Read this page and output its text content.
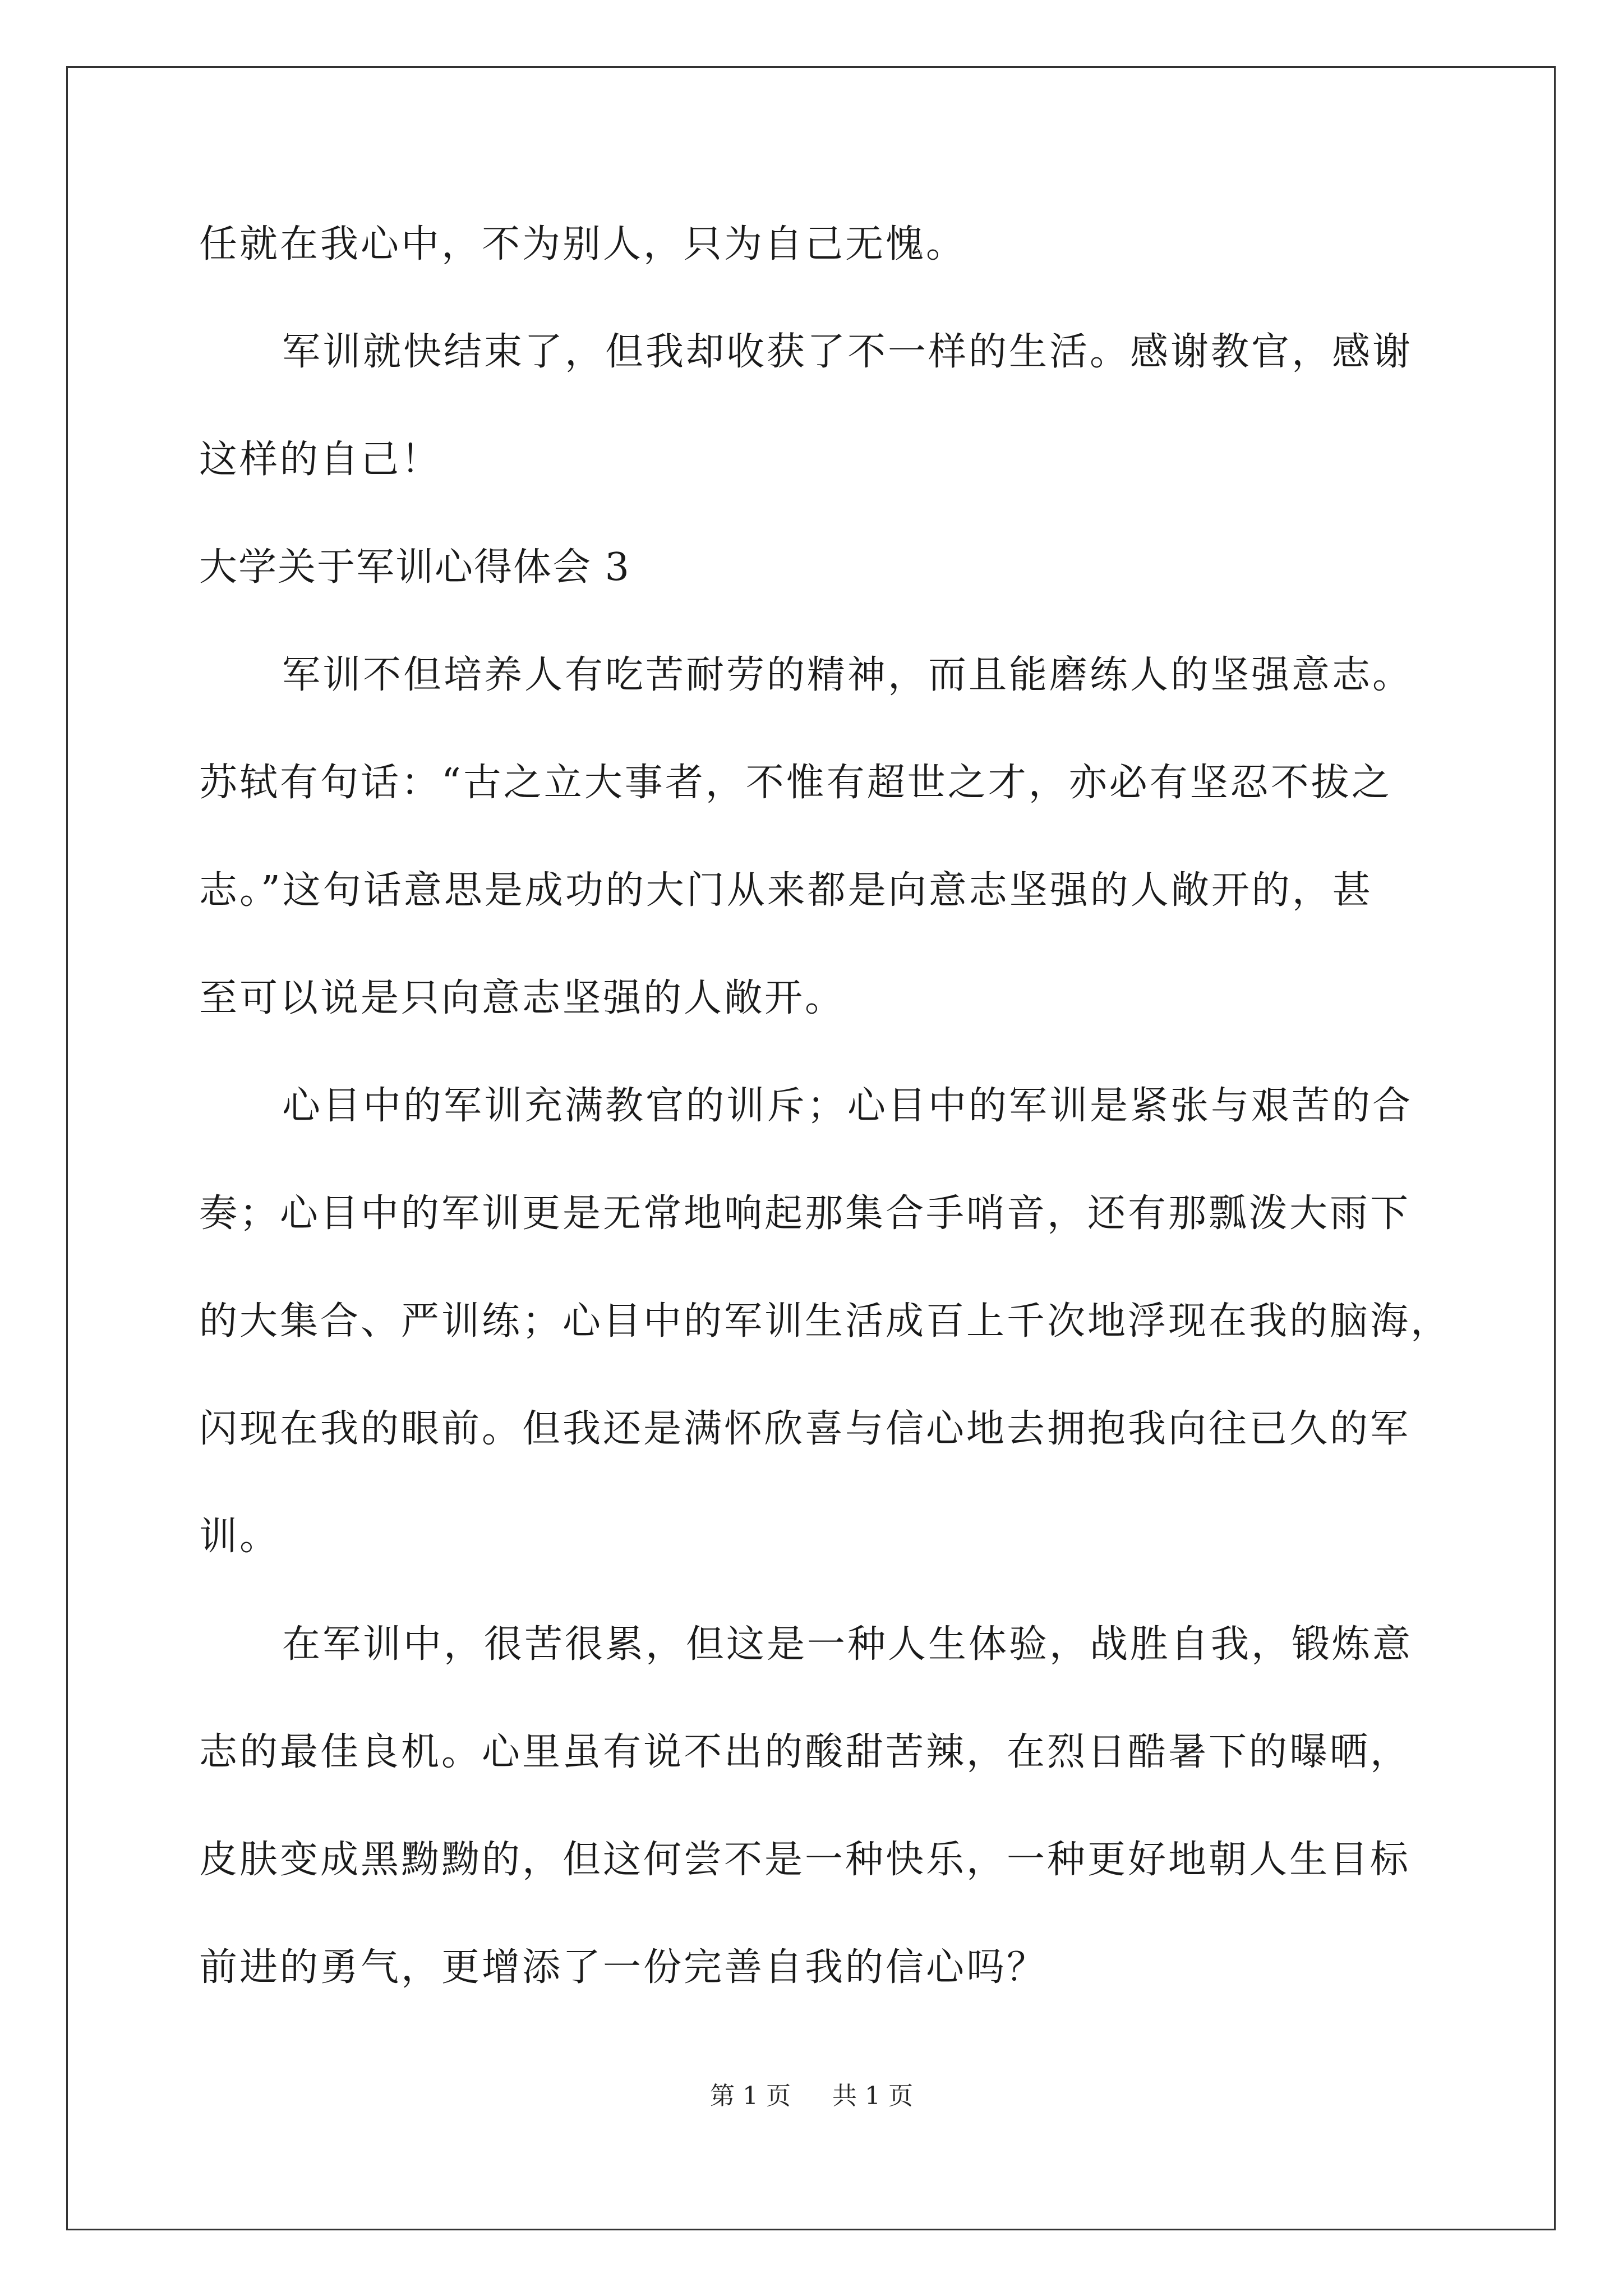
任就在我心中，不为别人，只为自己无愧。
军训就快结束了，但我却收获了不一样的生活。感谢教官，感谢
这样的自己！
大学关于军训心得体会 3
军训不但培养人有吃苦耐劳的精神，而且能磨练人的坚强意志。
苏轼有句话：“古之立大事者，不惟有超世之才，亦必有坚忍不拔之
志。”这句话意思是成功的大门从来都是向意志坚强的人敞开的，甚
至可以说是只向意志坚强的人敞开。
心目中的军训充满教官的训斥；心目中的军训是紧张与艰苦的合
奏；心目中的军训更是无常地响起那集合手哨音，还有那瓢泼大雨下
的大集合、严训练；心目中的军训生活成百上千次地浮现在我的脑海，
闪现在我的眼前。但我还是满怀欣喜与信心地去拥抱我向往已久的军
训。
在军训中，很苦很累，但这是一种人生体验，战胜自我，锻炼意
志的最佳良机。心里虽有说不出的酸甜苦辣，在烈日酷暑下的曝晒，
皮肤变成黑黝黝的，但这何尝不是一种快乐，一种更好地朝人生目标
前进的勇气，更增添了一份完善自我的信心吗？
第 1 页 共 1 页
